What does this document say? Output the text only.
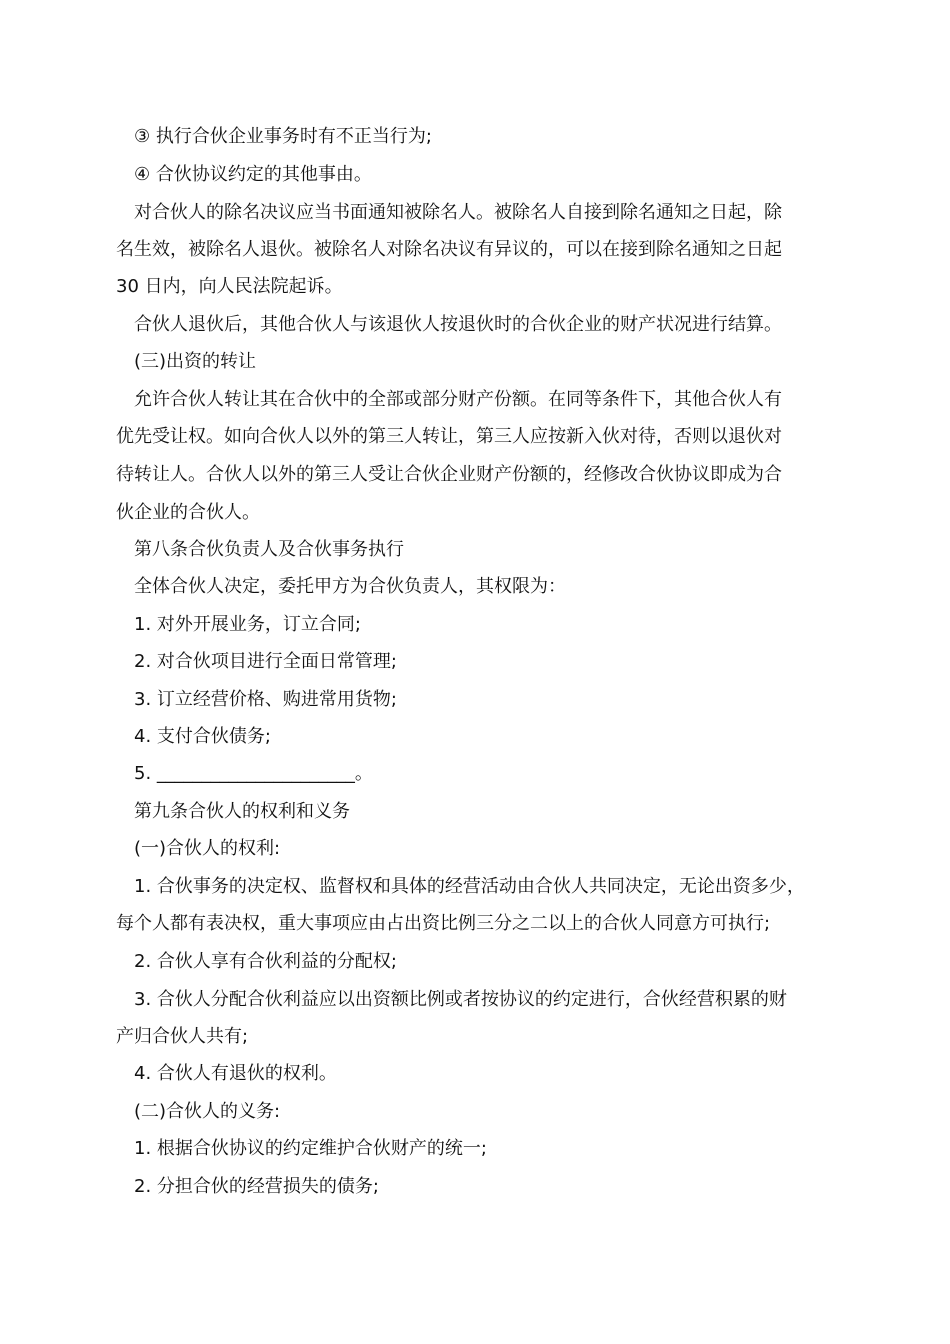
③ 执行合伙企业事务时有不正当行为;
④ 合伙协议约定的其他事由。
对合伙人的除名决议应当书面通知被除名人。被除名人自接到除名通知之日起，除
名生效，被除名人退伙。被除名人对除名决议有异议的，可以在接到除名通知之日起
30 日内，向人民法院起诉。
合伙人退伙后，其他合伙人与该退伙人按退伙时的合伙企业的财产状况进行结算。
(三)出资的转让
允许合伙人转让其在合伙中的全部或部分财产份额。在同等条件下，其他合伙人有
优先受让权。如向合伙人以外的第三人转让，第三人应按新入伙对待，否则以退伙对
待转让人。合伙人以外的第三人受让合伙企业财产份额的，经修改合伙协议即成为合
伙企业的合伙人。
第八条合伙负责人及合伙事务执行
全体合伙人决定，委托甲方为合伙负责人，其权限为：
1. 对外开展业务，订立合同;
2. 对合伙项目进行全面日常管理;
3. 订立经营价格、购进常用货物;
4. 支付合伙债务;
5. ______________________。
第九条合伙人的权利和义务
(一)合伙人的权利:
1. 合伙事务的决定权、监督权和具体的经营活动由合伙人共同决定，无论出资多少，
每个人都有表决权，重大事项应由占出资比例三分之二以上的合伙人同意方可执行;
2. 合伙人享有合伙利益的分配权;
3. 合伙人分配合伙利益应以出资额比例或者按协议的约定进行，合伙经营积累的财
产归合伙人共有;
4. 合伙人有退伙的权利。
(二)合伙人的义务:
1. 根据合伙协议的约定维护合伙财产的统一;
2. 分担合伙的经营损失的债务;
